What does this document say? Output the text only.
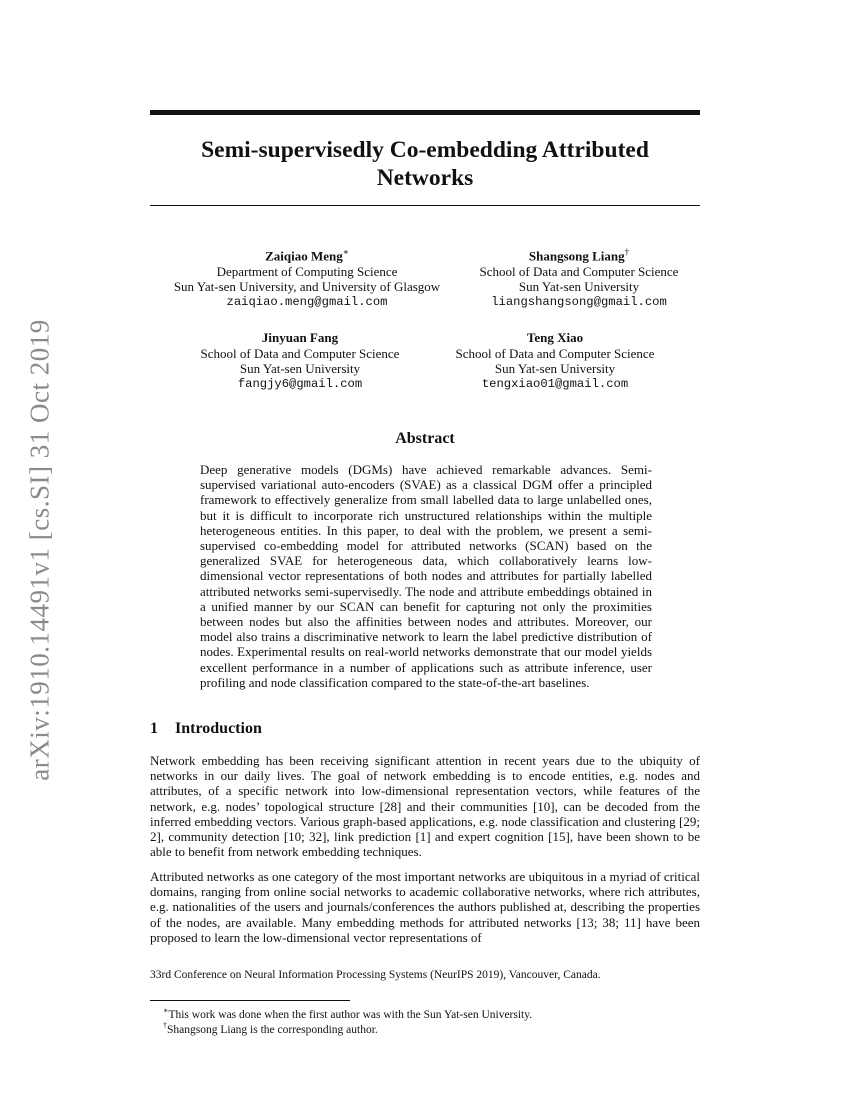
arXiv:1910.14491v1 [cs.SI] 31 Oct 2019
Semi-supervisedly Co-embedding Attributed Networks
Zaiqiao Meng∗
Department of Computing Science
Sun Yat-sen University, and University of Glasgow
zaiqiao.meng@gmail.com
Shangsong Liang†
School of Data and Computer Science
Sun Yat-sen University
liangshangsong@gmail.com
Jinyuan Fang
School of Data and Computer Science
Sun Yat-sen University
fangjy6@gmail.com
Teng Xiao
School of Data and Computer Science
Sun Yat-sen University
tengxiao01@gmail.com
Abstract
Deep generative models (DGMs) have achieved remarkable advances. Semi-supervised variational auto-encoders (SVAE) as a classical DGM offer a principled framework to effectively generalize from small labelled data to large unlabelled ones, but it is difficult to incorporate rich unstructured relationships within the multiple heterogeneous entities. In this paper, to deal with the problem, we present a semi-supervised co-embedding model for attributed networks (SCAN) based on the generalized SVAE for heterogeneous data, which collaboratively learns low-dimensional vector representations of both nodes and attributes for partially labelled attributed networks semi-supervisedly. The node and attribute embeddings obtained in a unified manner by our SCAN can benefit for capturing not only the proximities between nodes but also the affinities between nodes and attributes. Moreover, our model also trains a discriminative network to learn the label predictive distribution of nodes. Experimental results on real-world networks demonstrate that our model yields excellent performance in a number of applications such as attribute inference, user profiling and node classification compared to the state-of-the-art baselines.
1 Introduction
Network embedding has been receiving significant attention in recent years due to the ubiquity of networks in our daily lives. The goal of network embedding is to encode entities, e.g. nodes and attributes, of a specific network into low-dimensional representation vectors, while features of the network, e.g. nodes’ topological structure [28] and their communities [10], can be decoded from the inferred embedding vectors. Various graph-based applications, e.g. node classification and clustering [29; 2], community detection [10; 32], link prediction [1] and expert cognition [15], have been shown to be able to benefit from network embedding techniques.
Attributed networks as one category of the most important networks are ubiquitous in a myriad of critical domains, ranging from online social networks to academic collaborative networks, where rich attributes, e.g. nationalities of the users and journals/conferences the authors published at, describing the properties of the nodes, are available. Many embedding methods for attributed networks [13; 38; 11] have been proposed to learn the low-dimensional vector representations of
33rd Conference on Neural Information Processing Systems (NeurIPS 2019), Vancouver, Canada.
∗This work was done when the first author was with the Sun Yat-sen University.
†Shangsong Liang is the corresponding author.
